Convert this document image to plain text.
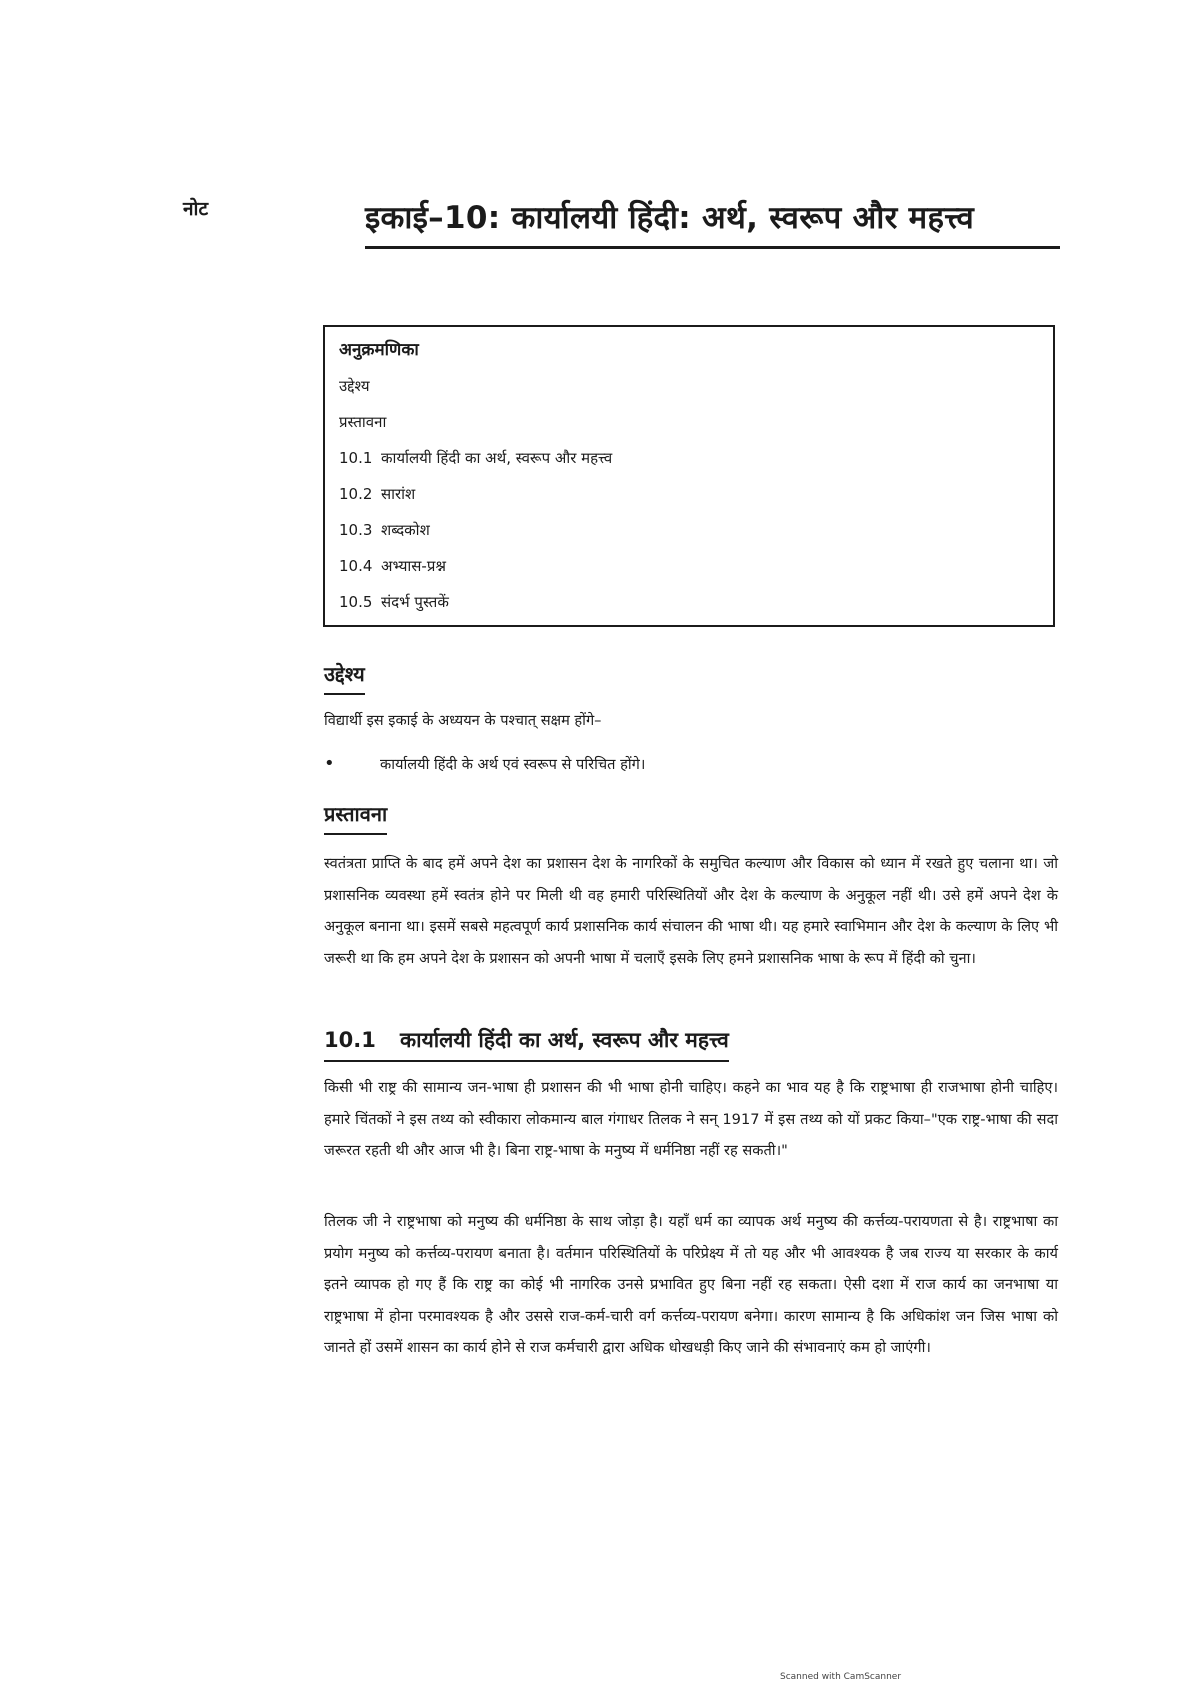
नोट	इकाई–10: कार्यालयी हिंदी: अर्थ, स्वरूप और महत्त्व
अनुक्रमणिका
उद्देश्य
प्रस्तावना
10.1 कार्यालयी हिंदी का अर्थ, स्वरूप और महत्त्व
10.2 सारांश
10.3 शब्दकोश
10.4 अभ्यास-प्रश्न
10.5 संदर्भ पुस्तकें
उद्देश्य
विद्यार्थी इस इकाई के अध्ययन के पश्चात् सक्षम होंगे–
•	कार्यालयी हिंदी के अर्थ एवं स्वरूप से परिचित होंगे।
प्रस्तावना
स्वतंत्रता प्राप्ति के बाद हमें अपने देश का प्रशासन देश के नागरिकों के समुचित कल्याण और विकास को ध्यान में रखते हुए चलाना था। जो प्रशासनिक व्यवस्था हमें स्वतंत्र होने पर मिली थी वह हमारी परिस्थितियों और देश के कल्याण के अनुकूल नहीं थी। उसे हमें अपने देश के अनुकूल बनाना था। इसमें सबसे महत्वपूर्ण कार्य प्रशासनिक कार्य संचालन की भाषा थी। यह हमारे स्वाभिमान और देश के कल्याण के लिए भी जरूरी था कि हम अपने देश के प्रशासन को अपनी भाषा में चलाएँ इसके लिए हमने प्रशासनिक भाषा के रूप में हिंदी को चुना।
10.1 कार्यालयी हिंदी का अर्थ, स्वरूप और महत्त्व
किसी भी राष्ट्र की सामान्य जन-भाषा ही प्रशासन की भी भाषा होनी चाहिए। कहने का भाव यह है कि राष्ट्रभाषा ही राजभाषा होनी चाहिए। हमारे चिंतकों ने इस तथ्य को स्वीकारा लोकमान्य बाल गंगाधर तिलक ने सन् 1917 में इस तथ्य को यों प्रकट किया–"एक राष्ट्र-भाषा की सदा जरूरत रहती थी और आज भी है। बिना राष्ट्र-भाषा के मनुष्य में धर्मनिष्ठा नहीं रह सकती।"
तिलक जी ने राष्ट्रभाषा को मनुष्य की धर्मनिष्ठा के साथ जोड़ा है। यहाँ धर्म का व्यापक अर्थ मनुष्य की कर्त्तव्य-परायणता से है। राष्ट्रभाषा का प्रयोग मनुष्य को कर्त्तव्य-परायण बनाता है। वर्तमान परिस्थितियों के परिप्रेक्ष्य में तो यह और भी आवश्यक है जब राज्य या सरकार के कार्य इतने व्यापक हो गए हैं कि राष्ट्र का कोई भी नागरिक उनसे प्रभावित हुए बिना नहीं रह सकता। ऐसी दशा में राज कार्य का जनभाषा या राष्ट्रभाषा में होना परमावश्यक है और उससे राज-कर्म-चारी वर्ग कर्त्तव्य-परायण बनेगा। कारण सामान्य है कि अधिकांश जन जिस भाषा को जानते हों उसमें शासन का कार्य होने से राज कर्मचारी द्वारा अधिक धोखधड़ी किए जाने की संभावनाएं कम हो जाएंगी।
Scanned with CamScanner
